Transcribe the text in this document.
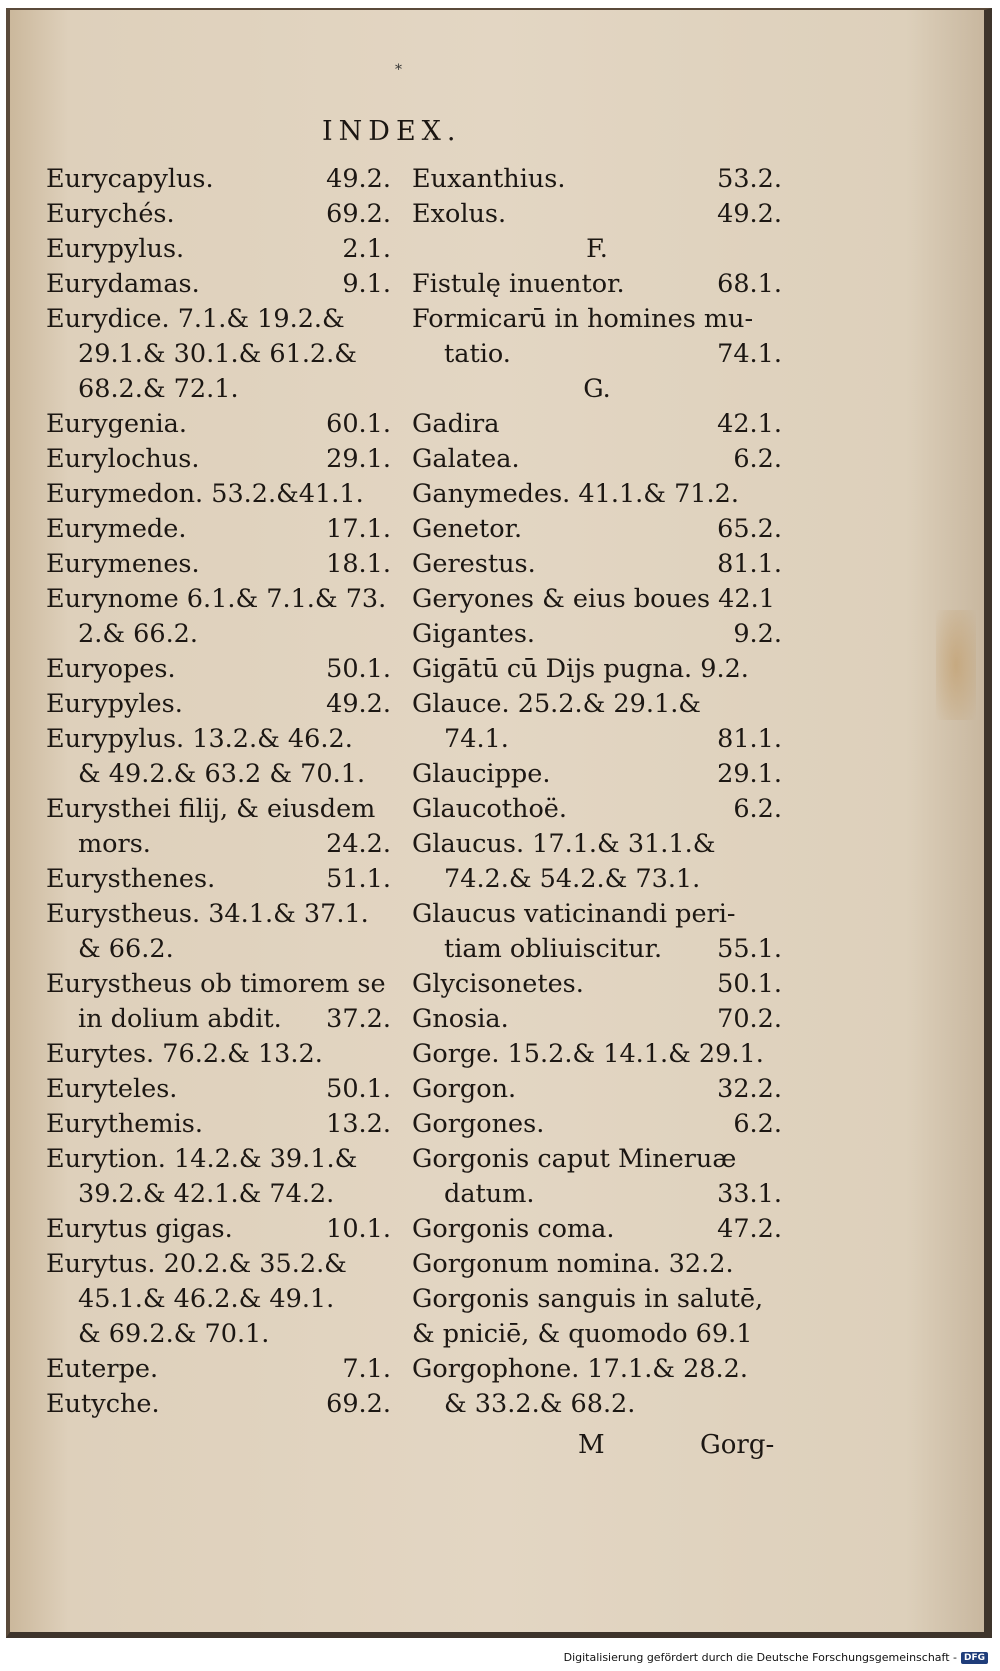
*
INDEX.
Eurycapylus.	49.2.
Eurychés.	69.2.
Eurypylus.	2.1.
Eurydamas.	9.1.
Eurydice. 7.1.& 19.2.&
29.1.& 30.1.& 61.2.&
68.2.& 72.1.
Eurygenia.	60.1.
Eurylochus.	29.1.
Eurymedon. 53.2.&41.1.
Eurymede.	17.1.
Eurymenes.	18.1.
Eurynome 6.1.& 7.1.& 73.
2.& 66.2.
Euryopes.	50.1.
Eurypyles.	49.2.
Eurypylus. 13.2.& 46.2.
& 49.2.& 63.2 & 70.1.
Eurysthei filij, & eiusdem
mors.	24.2.
Eurysthenes.	51.1.
Eurystheus. 34.1.& 37.1.
& 66.2.
Eurystheus ob timorem se
in dolium abdit. 37.2.
Eurytes. 76.2.& 13.2.
Euryteles.	50.1.
Eurythemis.	13.2.
Eurytion. 14.2.& 39.1.&
39.2.& 42.1.& 74.2.
Eurytus gigas.	10.1.
Eurytus. 20.2.& 35.2.&
45.1.& 46.2.& 49.1.
& 69.2.& 70.1.
Euterpe.	7.1.
Eutyche.	69.2.
Euxanthius.	53.2.
Exolus.	49.2.
F.
Fistulę inuentor.	68.1.
Formicarū in homines mu-
tatio.	74.1.
G.
Gadira	42.1.
Galatea.	6.2.
Ganymedes. 41.1.& 71.2.
Genetor.	65.2.
Gerestus.	81.1.
Geryones & eius boues 42.1
Gigantes.	9.2.
Gigātū cū Dijs pugna. 9.2.
Glauce. 25.2.& 29.1.&
74.1.	81.1.
Glaucippe.	29.1.
Glaucothoë.	6.2.
Glaucus. 17.1.& 31.1.&
74.2.& 54.2.& 73.1.
Glaucus vaticinandi peri-
tiam obliuiscitur. 55.1.
Glycisonetes.	50.1.
Gnosia.	70.2.
Gorge. 15.2.& 14.1.& 29.1.
Gorgon.	32.2.
Gorgones.	6.2.
Gorgonis caput Mineruæ
datum.	33.1.
Gorgonis coma.	47.2.
Gorgonum nomina. 32.2.
Gorgonis sanguis in salutē,
& pniciē, & quomodo 69.1
Gorgophone. 17.1.& 28.2.
& 33.2.& 68.2.
M	Gorg-
Digitalisierung gefördert durch die Deutsche Forschungsgemeinschaft - DFG
